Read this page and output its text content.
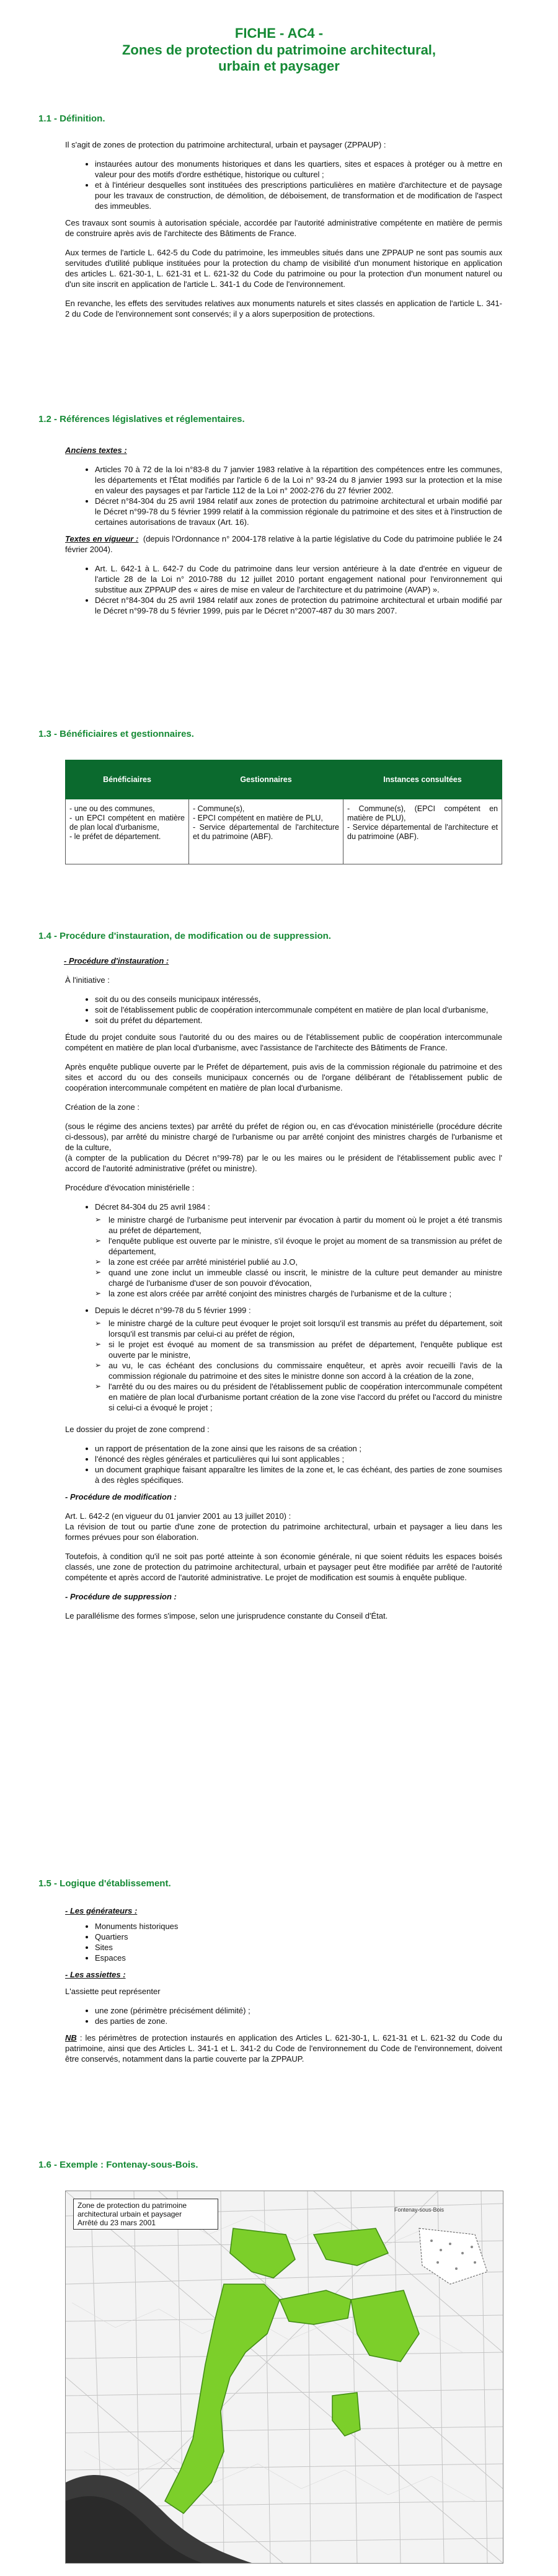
FICHE - AC4 -
Zones de protection du patrimoine architectural,
urbain et paysager
1.1 - Définition.

Il s'agit de zones de protection du patrimoine architectural, urbain et paysager (ZPPAUP) :

• instaurées autour des monuments historiques et dans les quartiers, sites et espaces à protéger ou à mettre en valeur pour des motifs d'ordre esthétique, historique ou culturel ;
• et à l'intérieur desquelles sont instituées des prescriptions particulières en matière d'architecture et de paysage pour les travaux de construction, de démolition, de déboisement, de transformation et de modification de l'aspect des immeubles.

Ces travaux sont soumis à autorisation spéciale, accordée par l'autorité administrative compétente en matière de permis de construire après avis de l'architecte des Bâtiments de France.

Aux termes de l'article L. 642-5 du Code du patrimoine, les immeubles situés dans une ZPPAUP ne sont pas soumis aux servitudes d'utilité publique instituées pour la protection du champ de visibilité d'un monument historique en application des articles L. 621-30-1, L. 621-31 et L. 621-32 du Code du patrimoine ou pour la protection d'un monument naturel ou d'un site inscrit en application de l'article L. 341-1 du Code de l'environnement.

En revanche, les effets des servitudes relatives aux monuments naturels et sites classés en application de l'article L. 341-2 du Code de l'environnement sont conservés; il y a alors superposition de protections.

1.2 - Références législatives et réglementaires.

Anciens textes :

• Articles 70 à 72 de la loi n°83-8 du 7 janvier 1983 relative à la répartition des compétences entre les communes, les départements et l'État modifiés par l'article 6 de la Loi n° 93-24 du 8 janvier 1993 sur la protection et la mise en valeur des paysages et par l'article 112 de la Loi n° 2002-276 du 27 février 2002.
• Décret n°84-304 du 25 avril 1984 relatif aux zones de protection du patrimoine architectural et urbain modifié par le Décret n°99-78 du 5 février 1999 relatif à la commission régionale du patrimoine et des sites et à l'instruction de certaines autorisations de travaux (Art. 16).

Textes en vigueur : (depuis l'Ordonnance n° 2004-178 relative à la partie législative du Code du patrimoine publiée le 24 février 2004).

• Art. L. 642-1 à L. 642-7 du Code du patrimoine dans leur version antérieure à la date d'entrée en vigueur de l'article 28 de la Loi n° 2010-788 du 12 juillet 2010 portant engagement national pour l'environnement qui substitue aux ZPPAUP des « aires de mise en valeur de l'architecture et du patrimoine (AVAP) ».
• Décret n°84-304 du 25 avril 1984 relatif aux zones de protection du patrimoine architectural et urbain modifié par le Décret n°99-78 du 5 février 1999, puis par le Décret n°2007-487 du 30 mars 2007.
1.3 - Bénéficiaires et gestionnaires.
Bénéficiaires	Gestionnaires	Instances consultées
- une ou des communes,
- un EPCI compétent en matière de plan local d'urbanisme,
- le préfet de département.	- Commune(s),
- EPCI compétent en matière de PLU,
- Service départemental de l'architecture et du patrimoine (ABF).	- Commune(s), (EPCI compétent en matière de PLU),
- Service départemental de l'architecture et du patrimoine (ABF).
1.4 - Procédure d'instauration, de modification ou de suppression.

- Procédure d'instauration :

À l'initiative :

• soit du ou des conseils municipaux intéressés,
• soit de l'établissement public de coopération intercommunale compétent en matière de plan local d'urbanisme,
• soit du préfet du département.

Étude du projet conduite sous l'autorité du ou des maires ou de l'établissement public de coopération intercommunale compétent en matière de plan local d'urbanisme, avec l'assistance de l'architecte des Bâtiments de France.

Après enquête publique ouverte par le Préfet de département, puis avis de la commission régionale du patrimoine et des sites et accord du ou des conseils municipaux concernés ou de l'organe délibérant de l'établissement public de coopération intercommunale compétent en matière de plan local d'urbanisme.

Création de la zone :

(sous le régime des anciens textes) par arrêté du préfet de région ou, en cas d'évocation ministérielle (procédure décrite ci-dessous), par arrêté du ministre chargé de l'urbanisme ou par arrêté conjoint des ministres chargés de l'urbanisme et de la culture,
(à compter de la publication du Décret n°99-78) par le ou les maires ou le président de l'établissement public avec l' accord de l'autorité administrative (préfet ou ministre).

Procédure d'évocation ministérielle :

• Décret 84-304 du 25 avril 1984 :
➢ le ministre chargé de l'urbanisme peut intervenir par évocation à partir du moment où le projet a été transmis au préfet de département,
➢ l'enquête publique est ouverte par le ministre, s'il évoque le projet au moment de sa transmission au préfet de département,
➢ la zone est créée par arrêté ministériel publié au J.O,
➢ quand une zone inclut un immeuble classé ou inscrit, le ministre de la culture peut demander au ministre chargé de l'urbanisme d'user de son pouvoir d'évocation,
➢ la zone est alors créée par arrêté conjoint des ministres chargés de l'urbanisme et de la culture ;
• Depuis le décret n°99-78 du 5 février 1999 :
➢ le ministre chargé de la culture peut évoquer le projet soit lorsqu'il est transmis au préfet du département, soit lorsqu'il est transmis par celui-ci au préfet de région,
➢ si le projet est évoqué au moment de sa transmission au préfet de département, l'enquête publique est ouverte par le ministre,
➢ au vu, le cas échéant des conclusions du commissaire enquêteur, et après avoir recueilli l'avis de la commission régionale du patrimoine et des sites le ministre donne son accord à la création de la zone,
➢ l'arrêté du ou des maires ou du président de l'établissement public de coopération intercommunale compétent en matière de plan local d'urbanisme portant création de la zone vise l'accord du préfet ou l'accord du ministre si celui-ci a évoqué le projet ;

Le dossier du projet de zone comprend :

• un rapport de présentation de la zone ainsi que les raisons de sa création ;
• l'énoncé des règles générales et particulières qui lui sont applicables ;
• un document graphique faisant apparaître les limites de la zone et, le cas échéant, des parties de zone soumises à des règles spécifiques.

- Procédure de modification :

Art. L. 642-2 (en vigueur du 01 janvier 2001 au 13 juillet 2010) :
La révision de tout ou partie d'une zone de protection du patrimoine architectural, urbain et paysager a lieu dans les formes prévues pour son élaboration.

Toutefois, à condition qu'il ne soit pas porté atteinte à son économie générale, ni que soient réduits les espaces boisés classés, une zone de protection du patrimoine architectural, urbain et paysager peut être modifiée par arrêté de l'autorité compétente et après accord de l'autorité administrative. Le projet de modification est soumis à enquête publique.

- Procédure de suppression :

Le parallélisme des formes s'impose, selon une jurisprudence constante du Conseil d'État.

1.5 - Logique d'établissement.

- Les générateurs :

• Monuments historiques
• Quartiers
• Sites
• Espaces

- Les assiettes :

L'assiette peut représenter

• une zone (périmètre précisément délimité) ;
• des parties de zone.

NB : les périmètres de protection instaurés en application des Articles L. 621-30-1, L. 621-31 et L. 621-32 du Code du patrimoine, ainsi que des Articles L. 341-1 et L. 341-2 du Code de l'environnement du Code de l'environnement, doivent être conservés, notamment dans la partie couverte par la ZPPAUP.

1.6 - Exemple : Fontenay-sous-Bois.
Zone de protection du patrimoine architectural urbain et paysager
Arrêté du 23 mars 2001
Fontenay-sous-Bois
